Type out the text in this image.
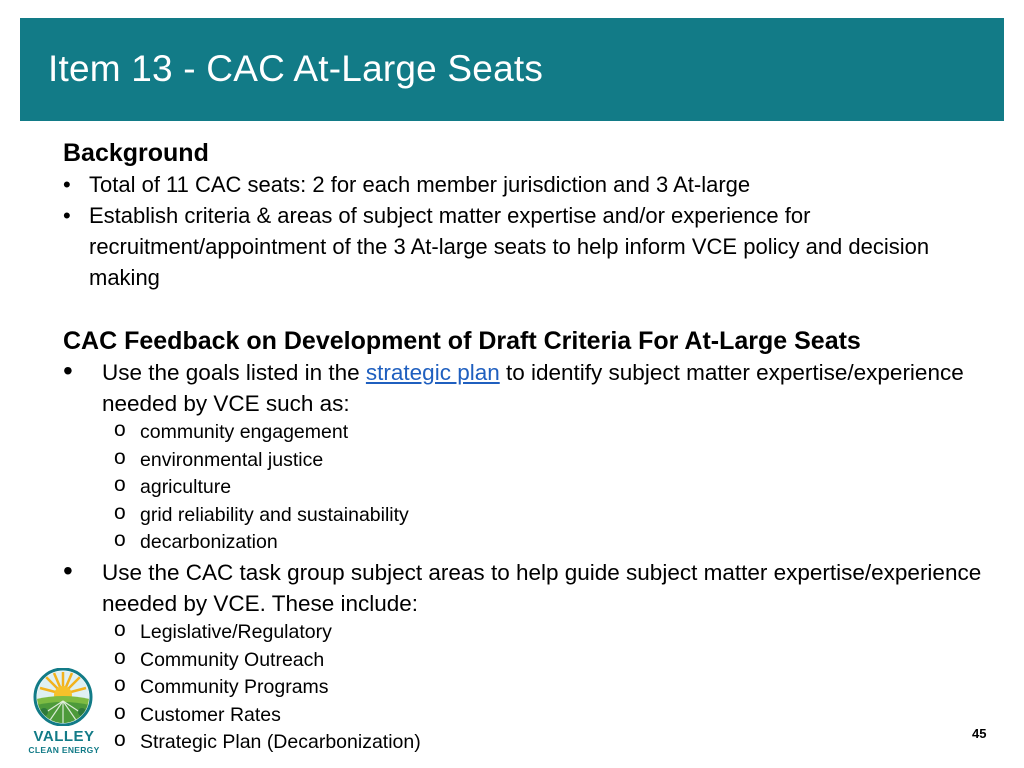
Item 13 - CAC At-Large Seats
Background
• Total of 11 CAC seats: 2 for each member jurisdiction and 3 At-large
• Establish criteria & areas of subject matter expertise and/or experience for recruitment/appointment of the 3 At-large seats to help inform VCE policy and decision making
CAC Feedback on Development of Draft Criteria For At-Large Seats
• Use the goals listed in the strategic plan to identify subject matter expertise/experience needed by VCE such as:
o community engagement
o environmental justice
o agriculture
o grid reliability and sustainability
o decarbonization
• Use the CAC task group subject areas to help guide subject matter expertise/experience needed by VCE. These include:
o Legislative/Regulatory
o Community Outreach
o Community Programs
o Customer Rates
o Strategic Plan (Decarbonization)
VALLEY
CLEAN ENERGY
45
